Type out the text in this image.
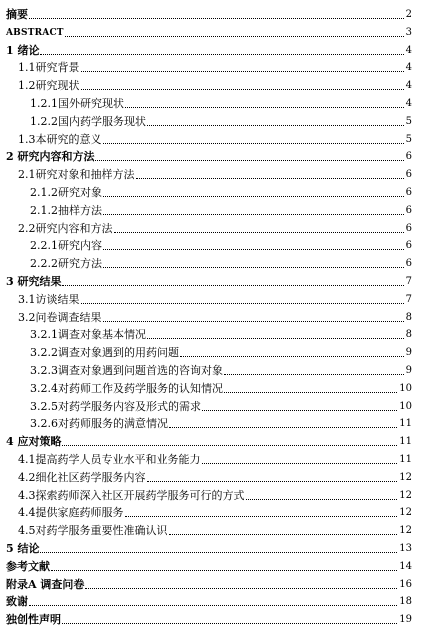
摘要	2
ABSTRACT	3
1 绪论	4
1.1研究背景	4
1.2研究现状	4
1.2.1国外研究现状	4
1.2.2国内药学服务现状	5
1.3本研究的意义	5
2 研究内容和方法	6
2.1研究对象和抽样方法	6
2.1.2研究对象	6
2.1.2抽样方法	6
2.2研究内容和方法	6
2.2.1研究内容	6
2.2.2研究方法	6
3 研究结果	7
3.1访谈结果	7
3.2问卷调查结果	8
3.2.1调查对象基本情况	8
3.2.2调查对象遇到的用药问题	9
3.2.3调查对象遇到问题首选的咨询对象	9
3.2.4对药师工作及药学服务的认知情况	10
3.2.5对药学服务内容及形式的需求	10
3.2.6对药师服务的满意情况	11
4 应对策略	11
4.1提高药学人员专业水平和业务能力	11
4.2细化社区药学服务内容	12
4.3探索药师深入社区开展药学服务可行的方式	12
4.4提供家庭药师服务	12
4.5对药学服务重要性准确认识	12
5 结论	13
参考文献	14
附录A 调查问卷	16
致谢	18
独创性声明	19
